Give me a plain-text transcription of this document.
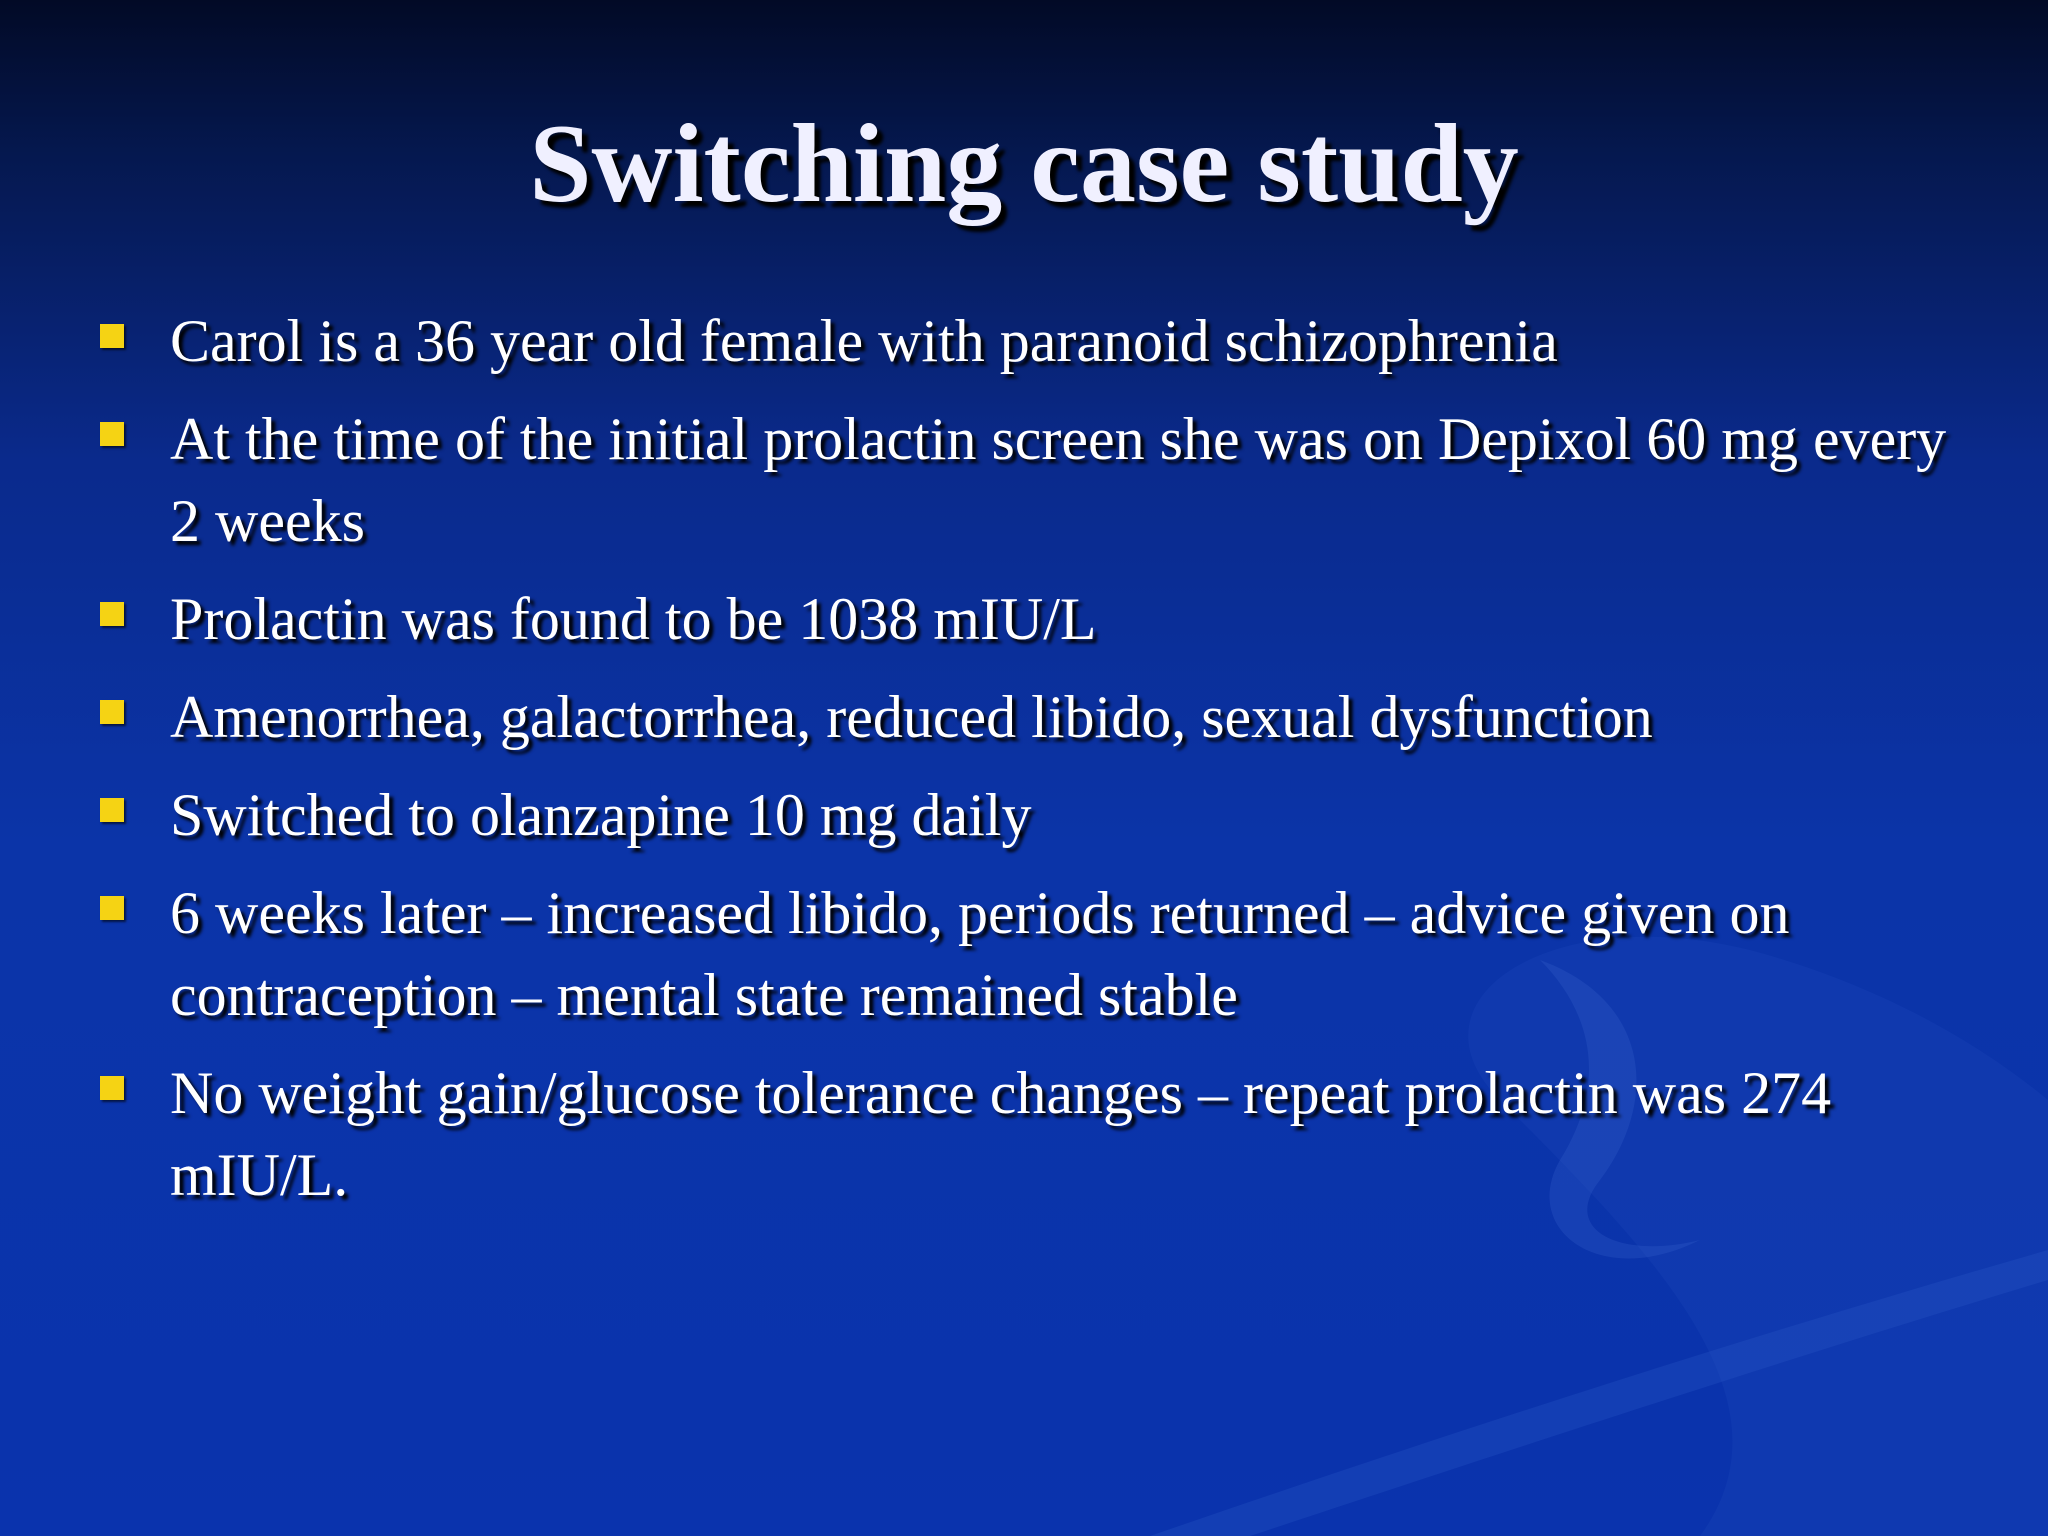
Switching case study
Carol is a 36 year old female with paranoid schizophrenia
At the time of the initial prolactin screen she was on Depixol 60 mg every 2 weeks
Prolactin was found to be 1038 mIU/L
Amenorrhea, galactorrhea, reduced libido, sexual dysfunction
Switched to olanzapine 10 mg daily
6 weeks later – increased libido, periods returned – advice given on contraception – mental state remained stable
No weight gain/glucose tolerance changes – repeat prolactin was 274 mIU/L.
